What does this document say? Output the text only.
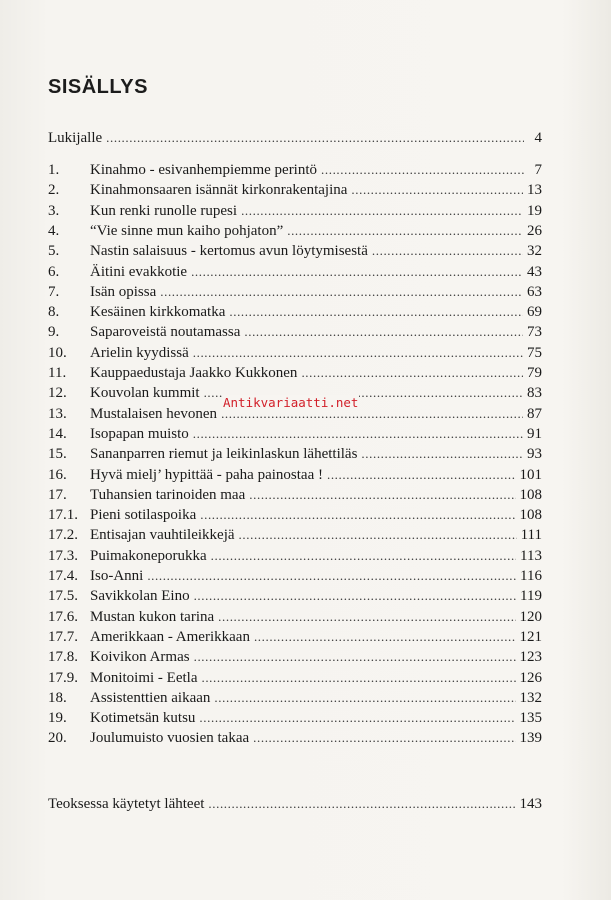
SISÄLLYS
Lukijalle .....	4
1.	Kinahmo - esivanhempiemme perintö .....	7
2.	Kinahmonsaaren isännät kirkonrakentajina .....	13
3.	Kun renki runolle rupesi .....	19
4.	“Vie sinne mun kaiho pohjaton” .....	26
5.	Nastin salaisuus - kertomus avun löytymisestä .....	32
6.	Äitini evakkotie .....	43
7.	Isän opissa .....	63
8.	Kesäinen kirkkomatka .....	69
9.	Saparoveistä noutamassa .....	73
10.	Arielin kyydissä .....	75
11.	Kauppaedustaja Jaakko Kukkonen .....	79
12.	Kouvolan kummit .....	83
13.	Mustalaisen hevonen .....	87
14.	Isopapan muisto .....	91
15.	Sananparren riemut ja leikinlaskun lähettiläs .....	93
16.	Hyvä mielj’ hypittää - paha painostaa ! .....	101
17.	Tuhansien tarinoiden maa .....	108
17.1. Pieni sotilaspoika .....	108
17.2. Entisajan vauhtileikkejä .....	111
17.3. Puimakoneporukka .....	113
17.4. Iso-Anni .....	116
17.5. Savikkolan Eino .....	119
17.6. Mustan kukon tarina .....	120
17.7. Amerikkaan - Amerikkaan .....	121
17.8. Koivikon Armas .....	123
17.9. Monitoimi - Eetla .....	126
18.	Assistenttien aikaan .....	132
19.	Kotimetsän kutsu .....	135
20.	Joulumuisto vuosien takaa .....	139
Teoksessa käytetyt lähteet .....	143
Antikvariaatti.net
